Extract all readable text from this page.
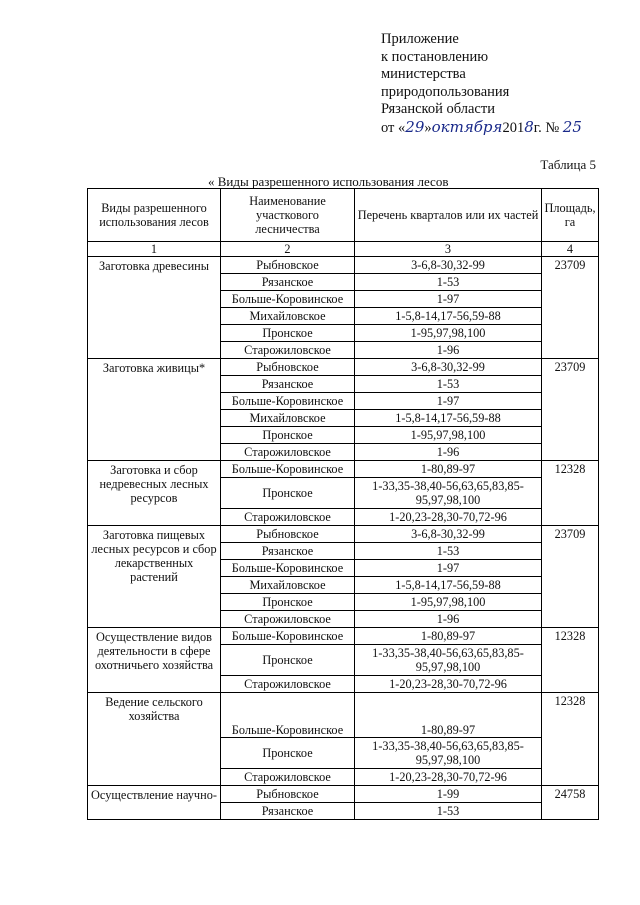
Приложение
к постановлению
министерства
природопользования
Рязанской области
от «29»октября2018г. № 25
Таблица 5
« Виды разрешенного использования лесов
Виды разрешенного использования лесов	Наименование участкового лесничества	Перечень кварталов или их частей	Площадь, га
1	2	3	4
Заготовка древесины	Рыбновское	3-6,8-30,32-99	23709
	Рязанское	1-53	
	Больше-Коровинское	1-97	
	Михайловское	1-5,8-14,17-56,59-88	
	Пронское	1-95,97,98,100	
	Старожиловское	1-96	
Заготовка живицы*	Рыбновское	3-6,8-30,32-99	23709
	Рязанское	1-53	
	Больше-Коровинское	1-97	
	Михайловское	1-5,8-14,17-56,59-88	
	Пронское	1-95,97,98,100	
	Старожиловское	1-96	
Заготовка и сбор недревесных лесных ресурсов	Больше-Коровинское	1-80,89-97	12328
	Пронское	1-33,35-38,40-56,63,65,83,85-95,97,98,100	
	Старожиловское	1-20,23-28,30-70,72-96	
Заготовка пищевых лесных ресурсов и сбор лекарственных растений	Рыбновское	3-6,8-30,32-99	23709
	Рязанское	1-53	
	Больше-Коровинское	1-97	
	Михайловское	1-5,8-14,17-56,59-88	
	Пронское	1-95,97,98,100	
	Старожиловское	1-96	
Осуществление видов деятельности в сфере охотничьего хозяйства	Больше-Коровинское	1-80,89-97	12328
	Пронское	1-33,35-38,40-56,63,65,83,85-95,97,98,100	
	Старожиловское	1-20,23-28,30-70,72-96	
Ведение сельского хозяйства	Больше-Коровинское	1-80,89-97	12328
	Пронское	1-33,35-38,40-56,63,65,83,85-95,97,98,100	
	Старожиловское	1-20,23-28,30-70,72-96	
Осуществление научно-	Рыбновское	1-99	24758
	Рязанское	1-53	
